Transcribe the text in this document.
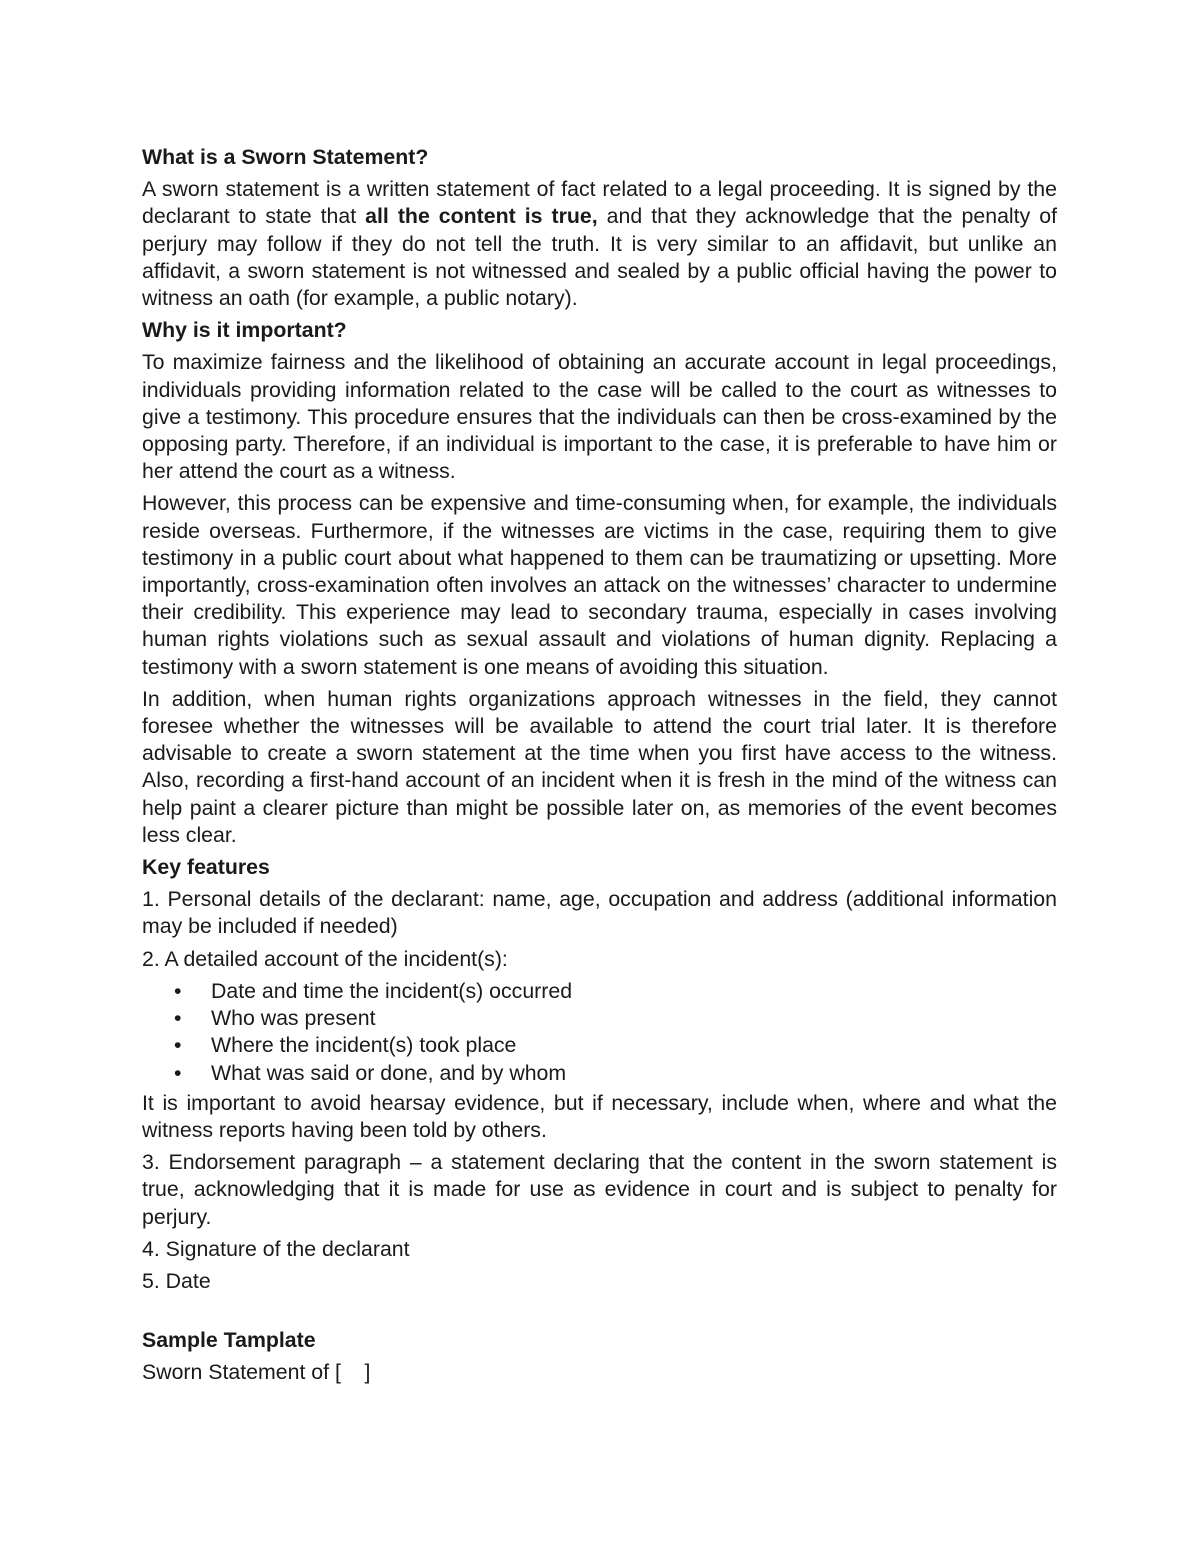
What is a Sworn Statement?

A sworn statement is a written statement of fact related to a legal proceeding. It is signed by the declarant to state that all the content is true, and that they acknowledge that the penalty of perjury may follow if they do not tell the truth. It is very similar to an affidavit, but unlike an affidavit, a sworn statement is not witnessed and sealed by a public official having the power to witness an oath (for example, a public notary).

Why is it important?

To maximize fairness and the likelihood of obtaining an accurate account in legal proceedings, individuals providing information related to the case will be called to the court as witnesses to give a testimony. This procedure ensures that the individuals can then be cross-examined by the opposing party. Therefore, if an individual is important to the case, it is preferable to have him or her attend the court as a witness.

However, this process can be expensive and time-consuming when, for example, the individuals reside overseas. Furthermore, if the witnesses are victims in the case, requiring them to give testimony in a public court about what happened to them can be traumatizing or upsetting. More importantly, cross-examination often involves an attack on the witnesses’ character to undermine their credibility. This experience may lead to secondary trauma, especially in cases involving human rights violations such as sexual assault and violations of human dignity. Replacing a testimony with a sworn statement is one means of avoiding this situation.

In addition, when human rights organizations approach witnesses in the field, they cannot foresee whether the witnesses will be available to attend the court trial later. It is therefore advisable to create a sworn statement at the time when you first have access to the witness. Also, recording a first-hand account of an incident when it is fresh in the mind of the witness can help paint a clearer picture than might be possible later on, as memories of the event becomes less clear.

Key features

1. Personal details of the declarant: name, age, occupation and address (additional information may be included if needed)

2. A detailed account of the incident(s):

• Date and time the incident(s) occurred
• Who was present
• Where the incident(s) took place
• What was said or done, and by whom

It is important to avoid hearsay evidence, but if necessary, include when, where and what the witness reports having been told by others.

3. Endorsement paragraph – a statement declaring that the content in the sworn statement is true, acknowledging that it is made for use as evidence in court and is subject to penalty for perjury.

4. Signature of the declarant

5. Date

Sample Tamplate

Sworn Statement of [    ]
